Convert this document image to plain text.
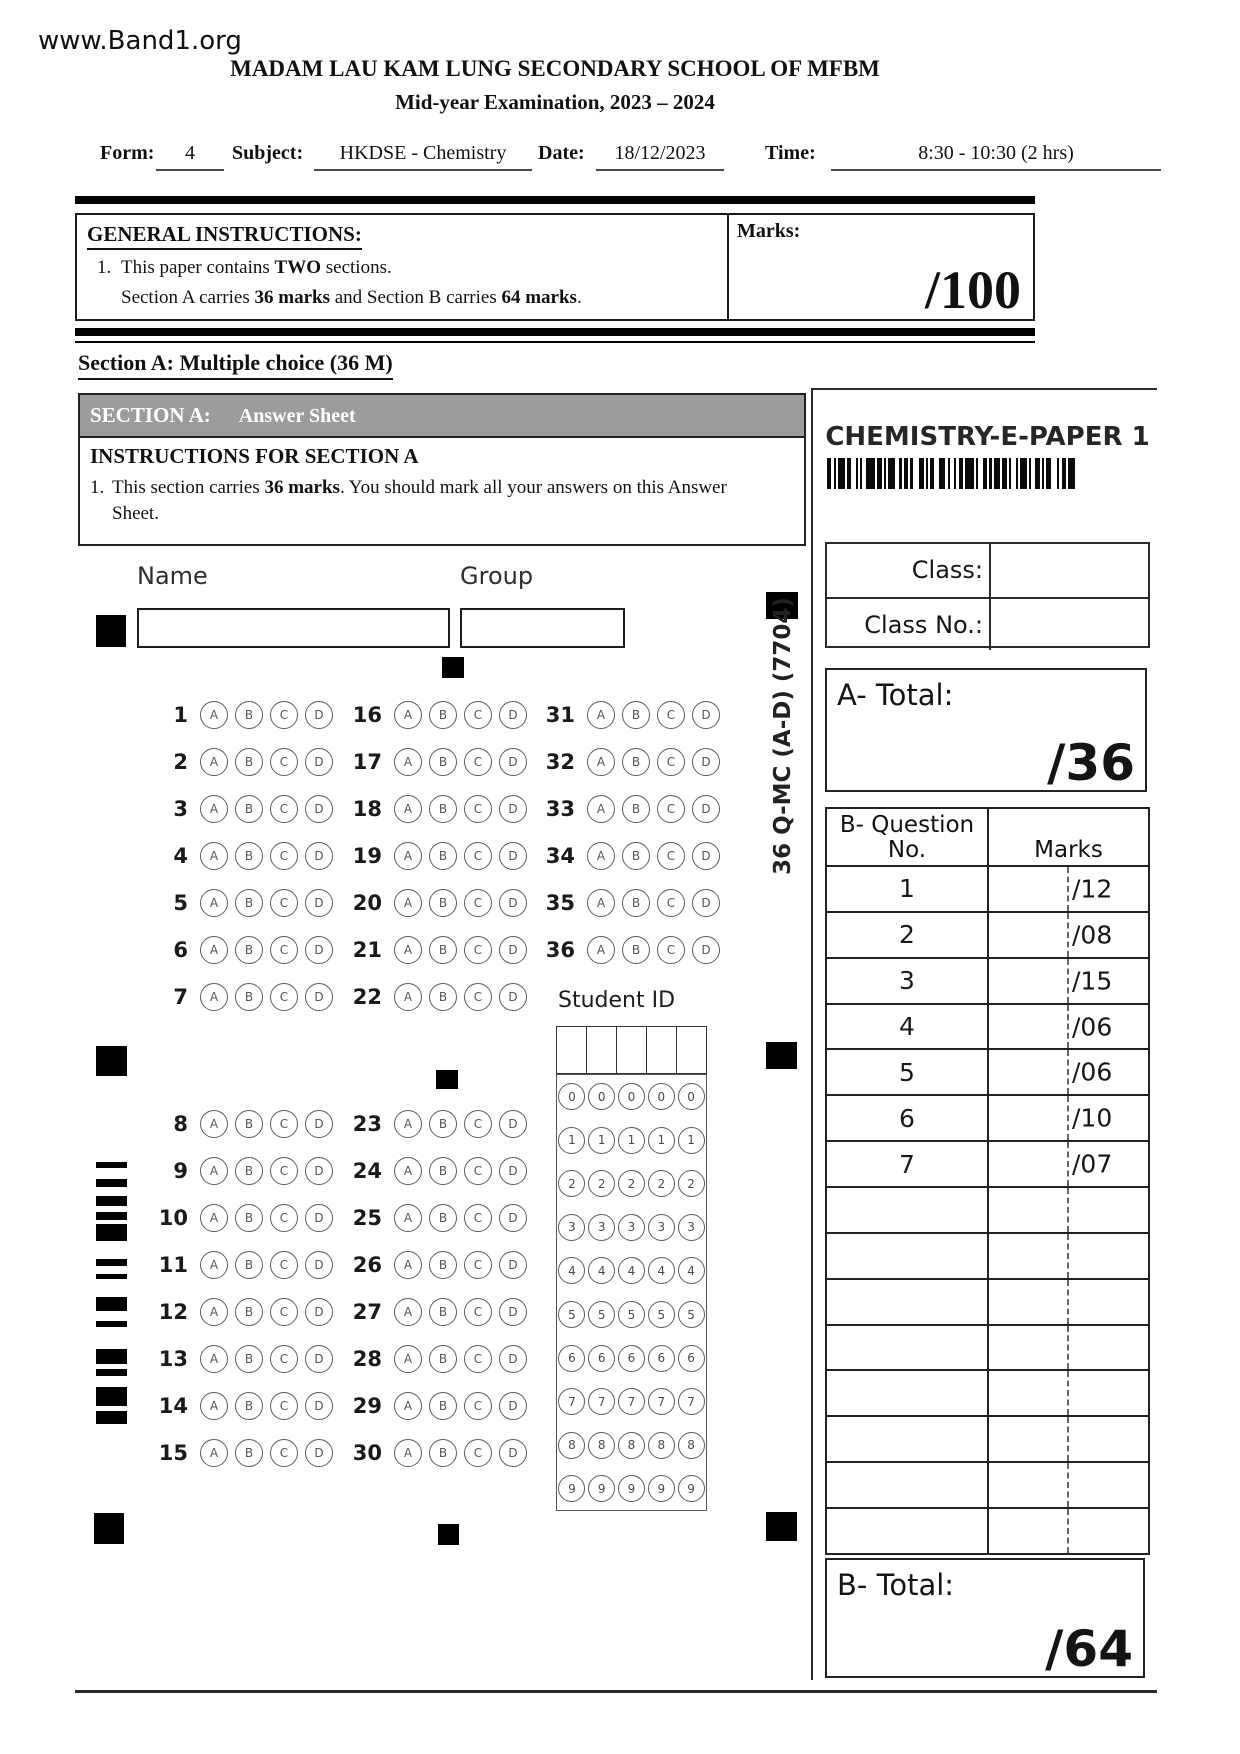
www.Band1.org
MADAM LAU KAM LUNG SECONDARY SCHOOL OF MFBM
Mid-year Examination, 2023 – 2024
Form:	4	Subject:	HKDSE - Chemistry	Date:	18/12/2023	Time:	8:30 - 10:30 (2 hrs)
GENERAL INSTRUCTIONS:
1. This paper contains TWO sections.
Section A carries 36 marks and Section B carries 64 marks.
Marks:
/100
Section A: Multiple choice (36 M)
SECTION A: Answer Sheet
INSTRUCTIONS FOR SECTION A
1. This section carries 36 marks. You should mark all your answers on this Answer Sheet.
Name	Group
1	A	B	C	D	16	A	B	C	D	31	A	B	C	D
2	A	B	C	D	17	A	B	C	D	32	A	B	C	D
3	A	B	C	D	18	A	B	C	D	33	A	B	C	D
4	A	B	C	D	19	A	B	C	D	34	A	B	C	D
5	A	B	C	D	20	A	B	C	D	35	A	B	C	D
6	A	B	C	D	21	A	B	C	D	36	A	B	C	D
7	A	B	C	D	22	A	B	C	D
8	A	B	C	D	23	A	B	C	D
9	A	B	C	D	24	A	B	C	D
10	A	B	C	D	25	A	B	C	D
11	A	B	C	D	26	A	B	C	D
12	A	B	C	D	27	A	B	C	D
13	A	B	C	D	28	A	B	C	D
14	A	B	C	D	29	A	B	C	D
15	A	B	C	D	30	A	B	C	D
36 Q-MC (A-D) (7704)
Student ID
0	0	0	0	0
1	1	1	1	1
2	2	2	2	2
3	3	3	3	3
4	4	4	4	4
5	5	5	5	5
6	6	6	6	6
7	7	7	7	7
8	8	8	8	8
9	9	9	9	9
CHEMISTRY-E-PAPER 1
Class:
Class No.:
A- Total:
/36
B- Question
No.	Marks
1	/12
2	/08
3	/15
4	/06
5	/06
6	/10
7	/07
B- Total:
/64
